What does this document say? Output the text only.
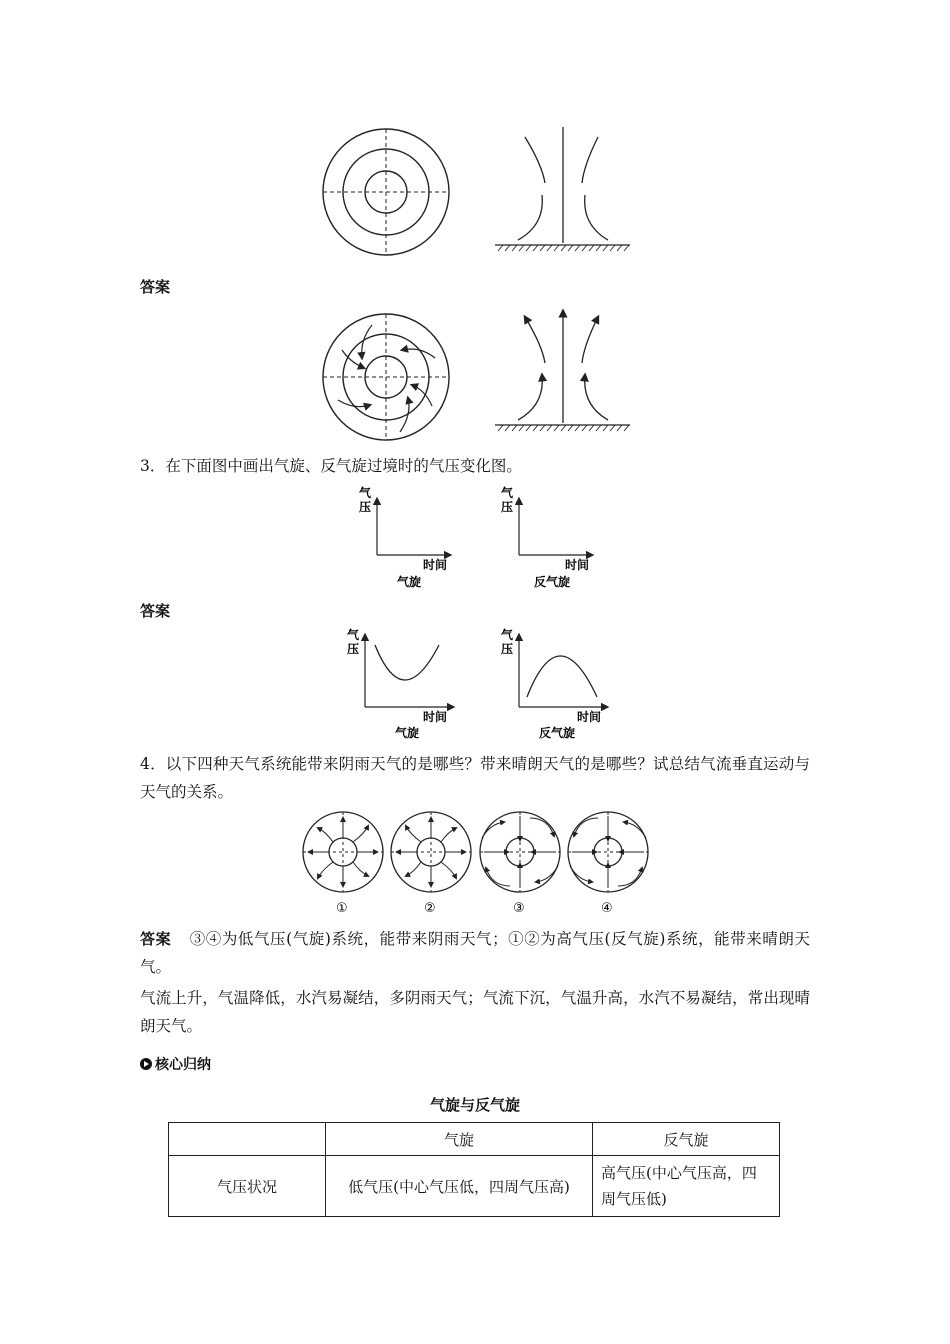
答案
3．在下面图中画出气旋、反气旋过境时的气压变化图。
气
压
时间
气旋
气
压
时间
反气旋
答案
气
压
时间
气旋
气
压
时间
反气旋
4．以下四种天气系统能带来阴雨天气的是哪些？带来晴朗天气的是哪些？试总结气流垂直运动与天气的关系。
①	②	③	④
答案 ③④为低气压(气旋)系统，能带来阴雨天气；①②为高气压(反气旋)系统，能带来晴朗天气。
气流上升，气温降低，水汽易凝结，多阴雨天气；气流下沉，气温升高，水汽不易凝结，常出现晴朗天气。
核心归纳
气旋与反气旋
	气旋	反气旋
气压状况	低气压(中心气压低，四周气压高)	高气压(中心气压高，四周气压低)
